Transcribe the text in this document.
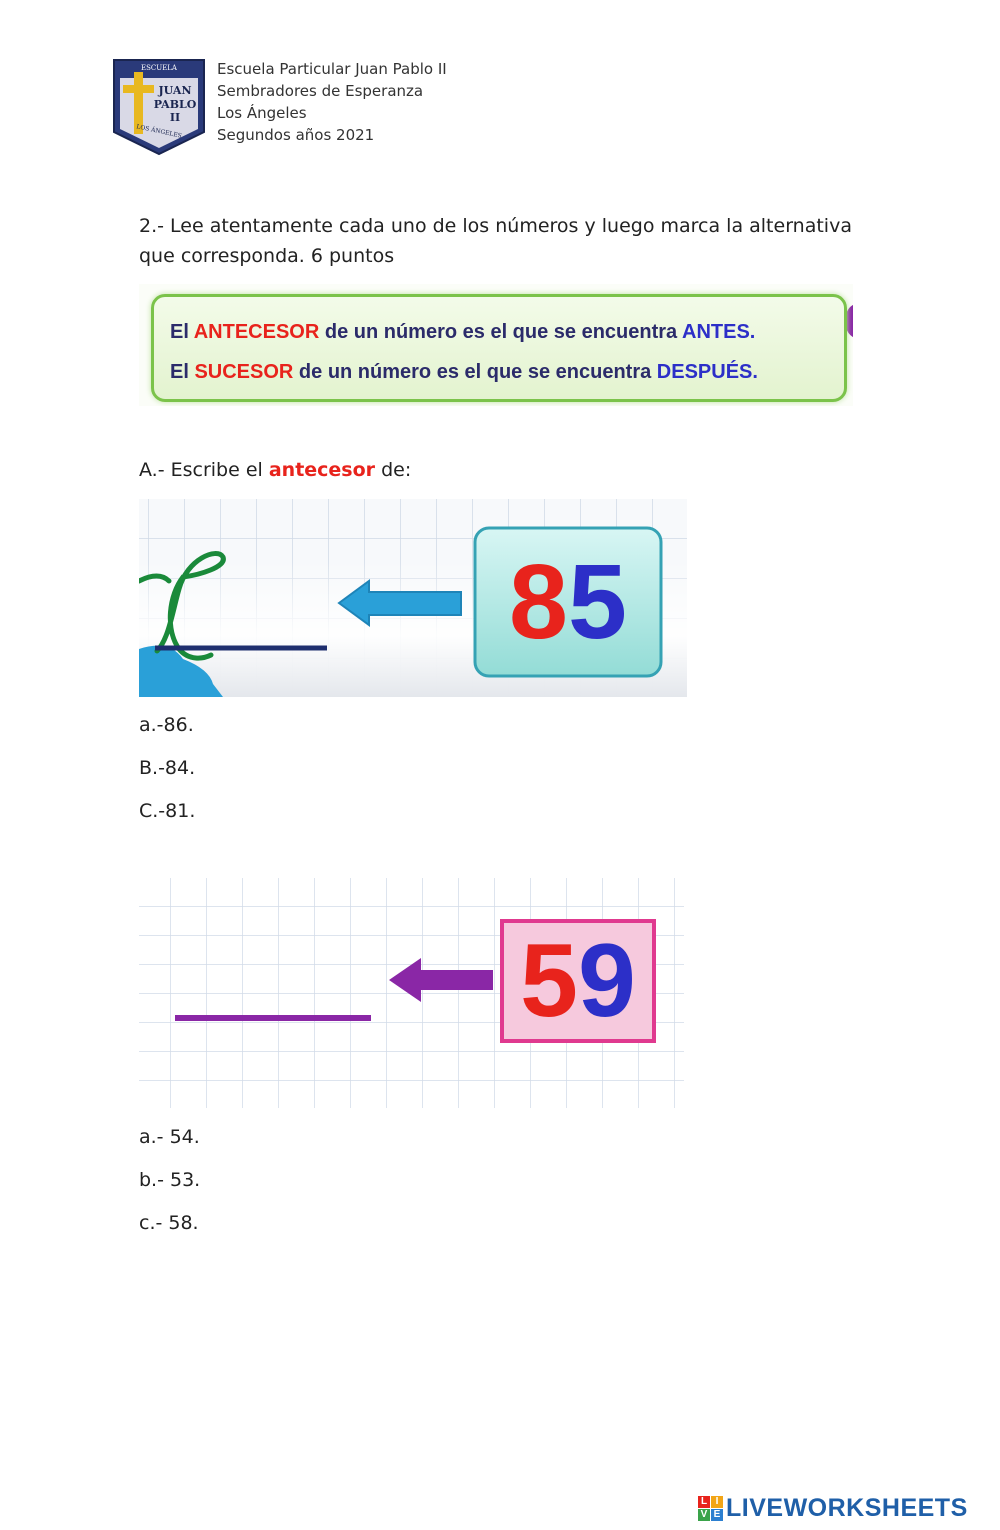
ESCUELA
JUAN
PABLO
II
LOS ÁNGELES
Escuela Particular Juan Pablo II
Sembradores de Esperanza
Los Ángeles
Segundos años 2021
2.- Lee atentamente cada uno de los números y luego marca la alternativa
que corresponda. 6 puntos
El ANTECESOR de un número es el que se encuentra ANTES.
El SUCESOR de un número es el que se encuentra DESPUÉS.
A.- Escribe el antecesor de:
8 5
a.-86.
B.-84.
C.-81.
5 9
a.- 54.
b.- 53.
c.- 58.
L I
V E LIVEWORKSHEETS
